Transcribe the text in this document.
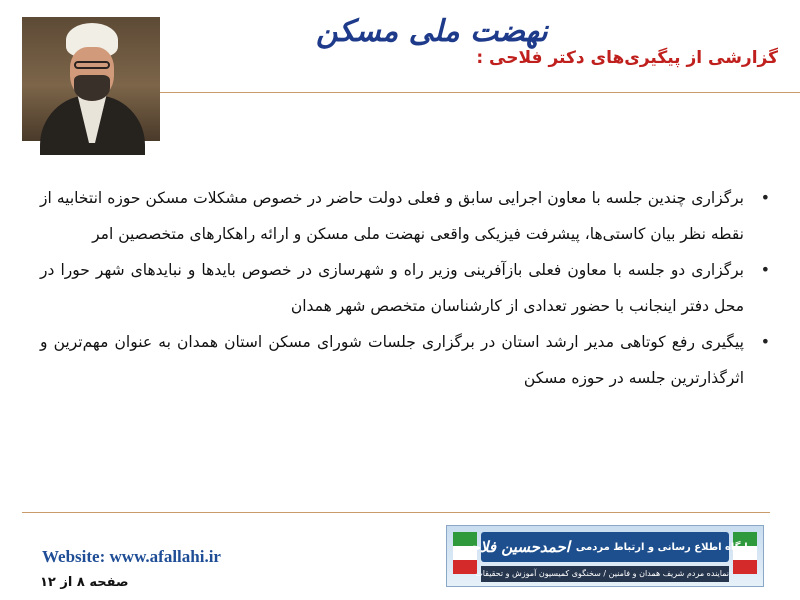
نهضت ملی مسکن
گزارشی از پیگیری‌های دکتر فلاحی :
•
برگزاری چندین جلسه با معاون اجرایی سابق و فعلی دولت حاضر در خصوص مشکلات مسکن حوزه انتخابیه از نقطه نظر بیان کاستی‌ها، پیشرفت فیزیکی واقعی نهضت ملی مسکن و ارائه راهکارهای متخصصین امر
•
برگزاری دو جلسه با معاون فعلی بازآفرینی وزیر راه و شهرسازی در خصوص بایدها و نبایدهای شهر حورا در محل دفتر اینجانب با حضور تعدادی از کارشناسان متخصص شهر همدان
•
پیگیری رفع کوتاهی مدیر ارشد استان در برگزاری جلسات شورای مسکن استان همدان به عنوان مهم‌ترین و اثرگذارترین جلسه در حوزه مسکن
Website: www.afallahi.ir
صفحه ۸ از ۱۲
پایگاه اطلاع رسانی و ارتباط مردمی
احمدحسین فلاحی
نماینده مردم شریف همدان و فامنین / سخنگوی کمیسیون آموزش و تحقیقات
